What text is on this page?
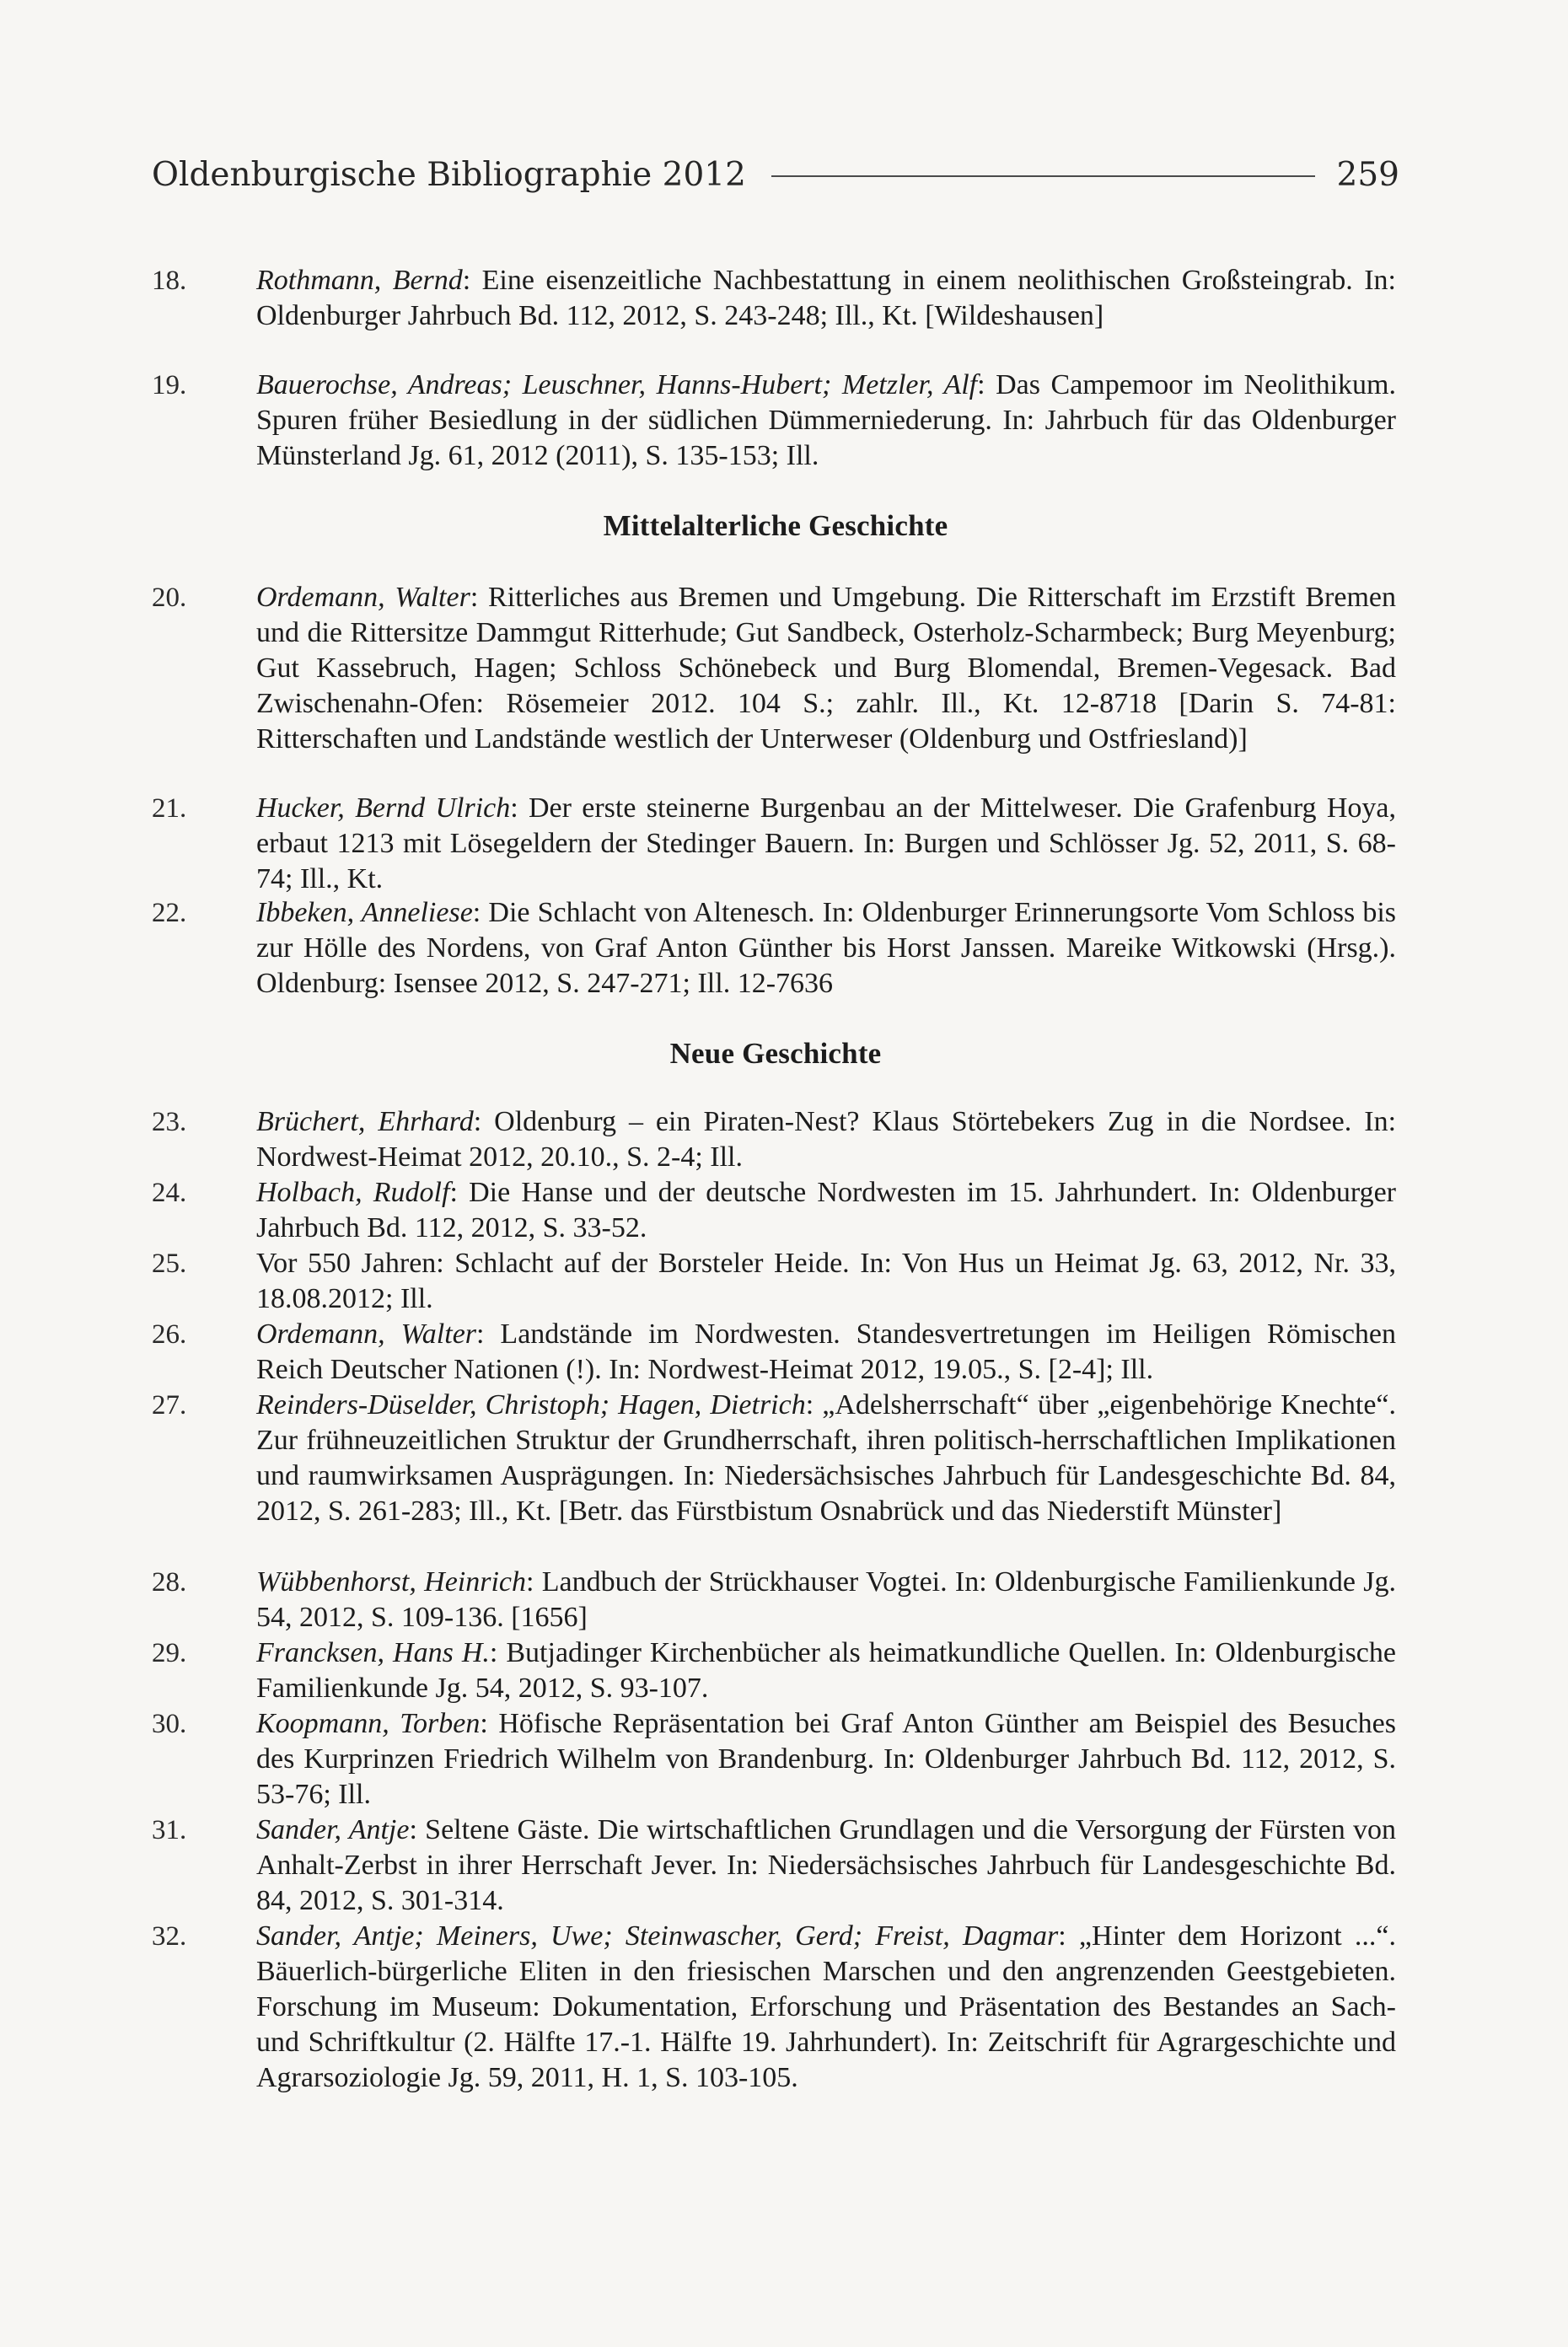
Oldenburgische Bibliographie 2012	259
18.	Rothmann, Bernd: Eine eisenzeitliche Nachbestattung in einem neolithischen Großsteingrab. In: Oldenburger Jahrbuch Bd. 112, 2012, S. 243-248; Ill., Kt. [Wildeshausen]
19.	Bauerochse, Andreas; Leuschner, Hanns-Hubert; Metzler, Alf: Das Campemoor im Neolithikum. Spuren früher Besiedlung in der südlichen Dümmerniederung. In: Jahrbuch für das Oldenburger Münsterland Jg. 61, 2012 (2011), S. 135-153; Ill.
Mittelalterliche Geschichte
20.	Ordemann, Walter: Ritterliches aus Bremen und Umgebung. Die Ritterschaft im Erzstift Bremen und die Rittersitze Dammgut Ritterhude; Gut Sandbeck, Osterholz-Scharmbeck; Burg Meyenburg; Gut Kassebruch, Hagen; Schloss Schönebeck und Burg Blomendal, Bremen-Vegesack. Bad Zwischenahn-Ofen: Rösemeier 2012. 104 S.; zahlr. Ill., Kt. 12-8718 [Darin S. 74-81: Ritterschaften und Landstände westlich der Unterweser (Oldenburg und Ostfriesland)]
21.	Hucker, Bernd Ulrich: Der erste steinerne Burgenbau an der Mittelweser. Die Grafenburg Hoya, erbaut 1213 mit Lösegeldern der Stedinger Bauern. In: Burgen und Schlösser Jg. 52, 2011, S. 68-74; Ill., Kt.
22.	Ibbeken, Anneliese: Die Schlacht von Altenesch. In: Oldenburger Erinnerungsorte Vom Schloss bis zur Hölle des Nordens, von Graf Anton Günther bis Horst Janssen. Mareike Witkowski (Hrsg.). Oldenburg: Isensee 2012, S. 247-271; Ill. 12-7636
Neue Geschichte
23.	Brüchert, Ehrhard: Oldenburg – ein Piraten-Nest? Klaus Störtebekers Zug in die Nordsee. In: Nordwest-Heimat 2012, 20.10., S. 2-4; Ill.
24.	Holbach, Rudolf: Die Hanse und der deutsche Nordwesten im 15. Jahrhundert. In: Oldenburger Jahrbuch Bd. 112, 2012, S. 33-52.
25.	Vor 550 Jahren: Schlacht auf der Borsteler Heide. In: Von Hus un Heimat Jg. 63, 2012, Nr. 33, 18.08.2012; Ill.
26.	Ordemann, Walter: Landstände im Nordwesten. Standesvertretungen im Heiligen Römischen Reich Deutscher Nationen (!). In: Nordwest-Heimat 2012, 19.05., S. [2-4]; Ill.
27.	Reinders-Düselder, Christoph; Hagen, Dietrich: „Adelsherrschaft“ über „eigenbehörige Knechte“. Zur frühneuzeitlichen Struktur der Grundherrschaft, ihren politisch-herrschaftlichen Implikationen und raumwirksamen Ausprägungen. In: Niedersächsisches Jahrbuch für Landesgeschichte Bd. 84, 2012, S. 261-283; Ill., Kt. [Betr. das Fürstbistum Osnabrück und das Niederstift Münster]
28.	Wübbenhorst, Heinrich: Landbuch der Strückhauser Vogtei. In: Oldenburgische Familienkunde Jg. 54, 2012, S. 109-136. [1656]
29.	Francksen, Hans H.: Butjadinger Kirchenbücher als heimatkundliche Quellen. In: Oldenburgische Familienkunde Jg. 54, 2012, S. 93-107.
30.	Koopmann, Torben: Höfische Repräsentation bei Graf Anton Günther am Beispiel des Besuches des Kurprinzen Friedrich Wilhelm von Brandenburg. In: Oldenburger Jahrbuch Bd. 112, 2012, S. 53-76; Ill.
31.	Sander, Antje: Seltene Gäste. Die wirtschaftlichen Grundlagen und die Versorgung der Fürsten von Anhalt-Zerbst in ihrer Herrschaft Jever. In: Niedersächsisches Jahrbuch für Landesgeschichte Bd. 84, 2012, S. 301-314.
32.	Sander, Antje; Meiners, Uwe; Steinwascher, Gerd; Freist, Dagmar: „Hinter dem Horizont ...“. Bäuerlich-bürgerliche Eliten in den friesischen Marschen und den angrenzenden Geestgebieten. Forschung im Museum: Dokumentation, Erforschung und Präsentation des Bestandes an Sach- und Schriftkultur (2. Hälfte 17.-1. Hälfte 19. Jahrhundert). In: Zeitschrift für Agrargeschichte und Agrarsoziologie Jg. 59, 2011, H. 1, S. 103-105.
